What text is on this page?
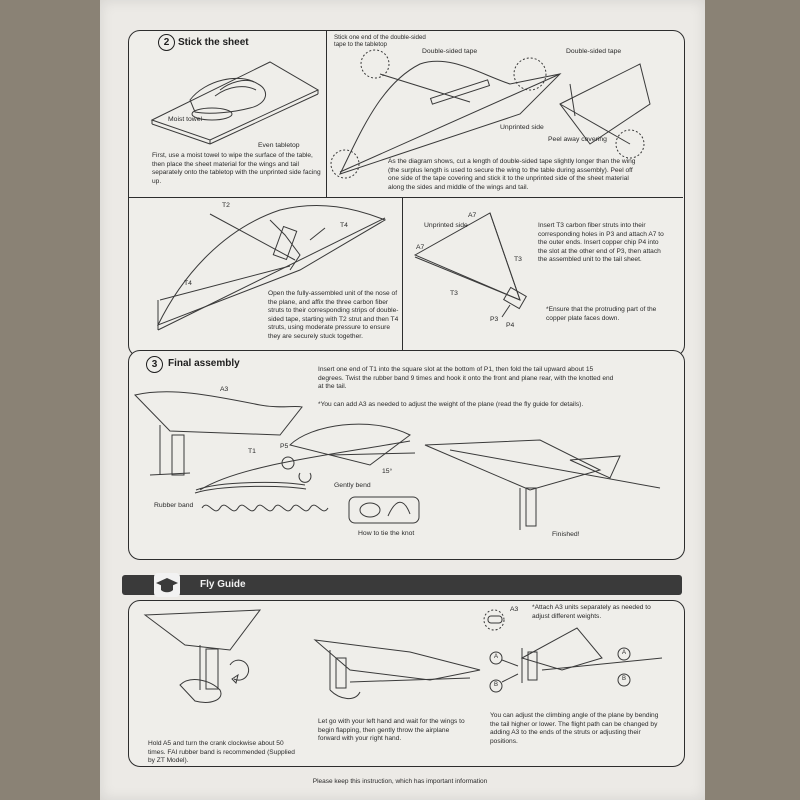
2 Stick the sheet
Moist towel
Even tabletop
First, use a moist towel to wipe the surface of the table, then place the sheet material for the wings and tail separately onto the tabletop with the unprinted side facing up.
Stick one end of the double-sided tape to the tabletop
Double-sided tape	Double-sided tape
Unprinted side
Peel away covering
As the diagram shows, cut a length of double-sided tape slightly longer than the wing (the surplus length is used to secure the wing to the table during assembly). Peel off one side of the tape covering and stick it to the unprinted side of the sheet material along the sides and middle of the wings and tail.
T2
T4
T4
Open the fully-assembled unit of the nose of the plane, and affix the three carbon fiber struts to their corresponding strips of double-sided tape, starting with T2 strut and then T4 struts, using moderate pressure to ensure they are securely stuck together.
A7
Unprinted side
A7
T3
T3
P3
P4
Insert T3 carbon fiber struts into their corresponding holes in P3 and attach A7 to the outer ends. Insert copper chip P4 into the slot at the other end of P3, then attach the assembled unit to the tail sheet.
*Ensure that the protruding part of the copper plate faces down.
3	Final assembly
Insert one end of T1 into the square slot at the bottom of P1, then fold the tail upward about 15 degrees. Twist the rubber band 9 times and hook it onto the front and plane rear, with the knotted end at the tail.
*You can add A3 as needed to adjust the weight of the plane (read the fly guide for details).
A3
T1
P5
15°
Gently bend
Rubber band
How to tie the knot	Finished!
Fly Guide
Hold A5 and turn the crank clockwise about 50 times. FAI rubber band is recommended (Supplied by ZT Model).
Let go with your left hand and wait for the wings to begin flapping, then gently throw the airplane forward with your right hand.
A3 *Attach A3 units separately as needed to adjust different weights.
A
B
A
B
You can adjust the climbing angle of the plane by bending the tail higher or lower. The flight path can be changed by adding A3 to the ends of the struts or adjusting their positions.
Please keep this instruction, which has important information
